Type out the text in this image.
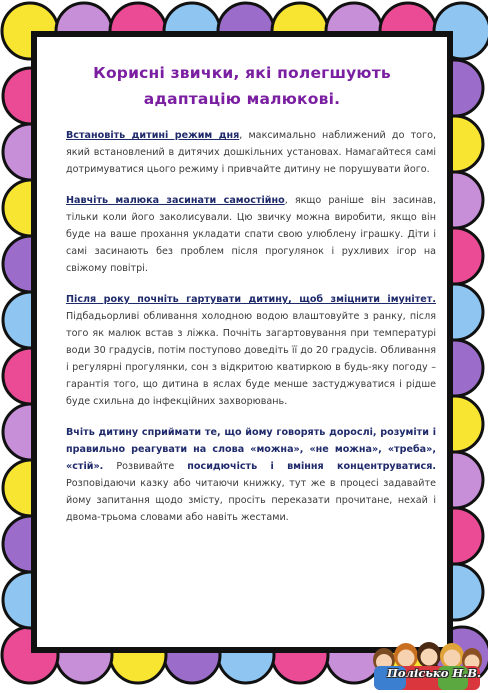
Корисні звички, які полегшують
адаптацію малюкові.

Встановіть дитині режим дня, максимально наближений до того, який встановлений в дитячих дошкільних установах. Намагайтеся самі дотримуватися цього режиму і привчайте дитину не порушувати його.

Навчіть малюка засинати самостійно, якщо раніше він засинав, тільки коли його заколисували. Цю звичку можна виробити, якщо він буде на ваше прохання укладати спати свою улюблену іграшку. Діти і самі засинають без проблем після прогулянок і рухливих ігор на свіжому повітрі.

Після року почніть гартувати дитину, щоб зміцнити імунітет. Підбадьорливі обливання холодною водою влаштовуйте з ранку, після того як малюк встав з ліжка. Почніть загартовування при температурі води 30 градусів, потім поступово доведіть її до 20 градусів. Обливання і регулярні прогулянки, сон з відкритою кватиркою в будь-яку погоду – гарантія того, що дитина в яслах буде менше застуджуватися і рідше буде схильна до інфекційних захворювань.

Вчіть дитину сприймати те, що йому говорять дорослі, розуміти і правильно реагувати на слова «можна», «не можна», «треба», «стій». Розвивайте посидючість і вміння концентруватися. Розповідаючи казку або читаючи книжку, тут же в процесі задавайте йому запитання щодо змісту, просіть переказати прочитане, нехай і двома-трьома словами або навіть жестами.

Полісько Н.В.
